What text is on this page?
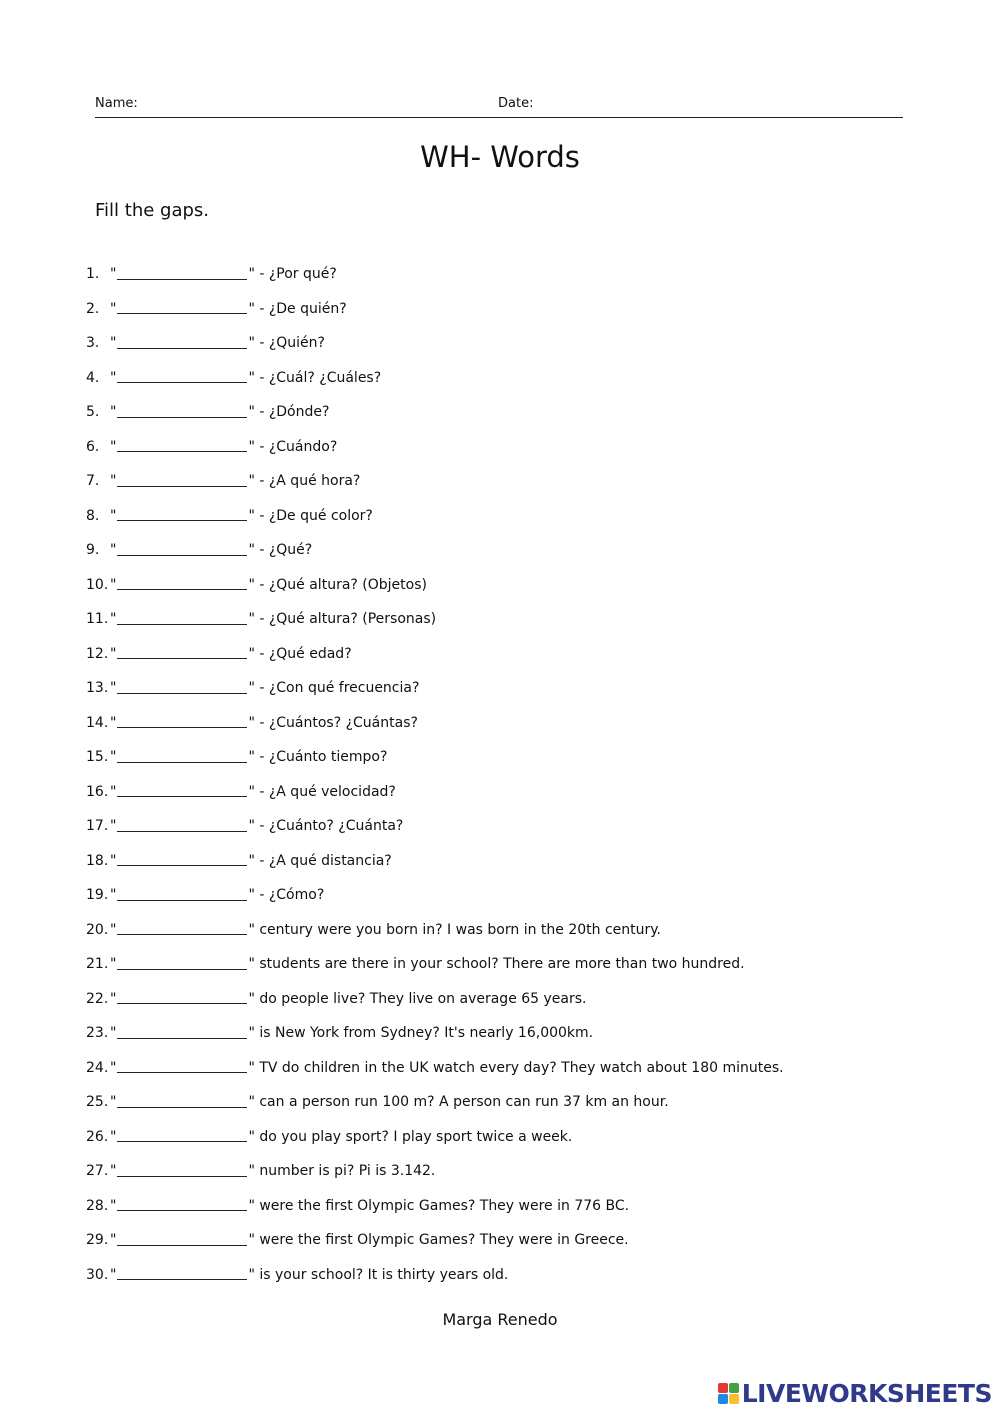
Name:	Date:
WH- Words
Fill the gaps.
1. "	" - ¿Por qué?
2. "	" - ¿De quién?
3. "	" - ¿Quién?
4. "	" - ¿Cuál? ¿Cuáles?
5. "	" - ¿Dónde?
6. "	" - ¿Cuándo?
7. "	" - ¿A qué hora?
8. "	" - ¿De qué color?
9. "	" - ¿Qué?
10. "	" - ¿Qué altura? (Objetos)
11. "	" - ¿Qué altura? (Personas)
12. "	" - ¿Qué edad?
13. "	" - ¿Con qué frecuencia?
14. "	" - ¿Cuántos? ¿Cuántas?
15. "	" - ¿Cuánto tiempo?
16. "	" - ¿A qué velocidad?
17. "	" - ¿Cuánto? ¿Cuánta?
18. "	" - ¿A qué distancia?
19. "	" - ¿Cómo?
20. "	" century were you born in? I was born in the 20th century.
21. "	" students are there in your school? There are more than two hundred.
22. "	" do people live? They live on average 65 years.
23. "	" is New York from Sydney? It's nearly 16,000km.
24. "	" TV do children in the UK watch every day? They watch about 180 minutes.
25. "	" can a person run 100 m? A person can run 37 km an hour.
26. "	" do you play sport? I play sport twice a week.
27. "	" number is pi? Pi is 3.142.
28. "	" were the first Olympic Games? They were in 776 BC.
29. "	" were the first Olympic Games? They were in Greece.
30. "	" is your school? It is thirty years old.
Marga Renedo
LIVEWORKSHEETS
